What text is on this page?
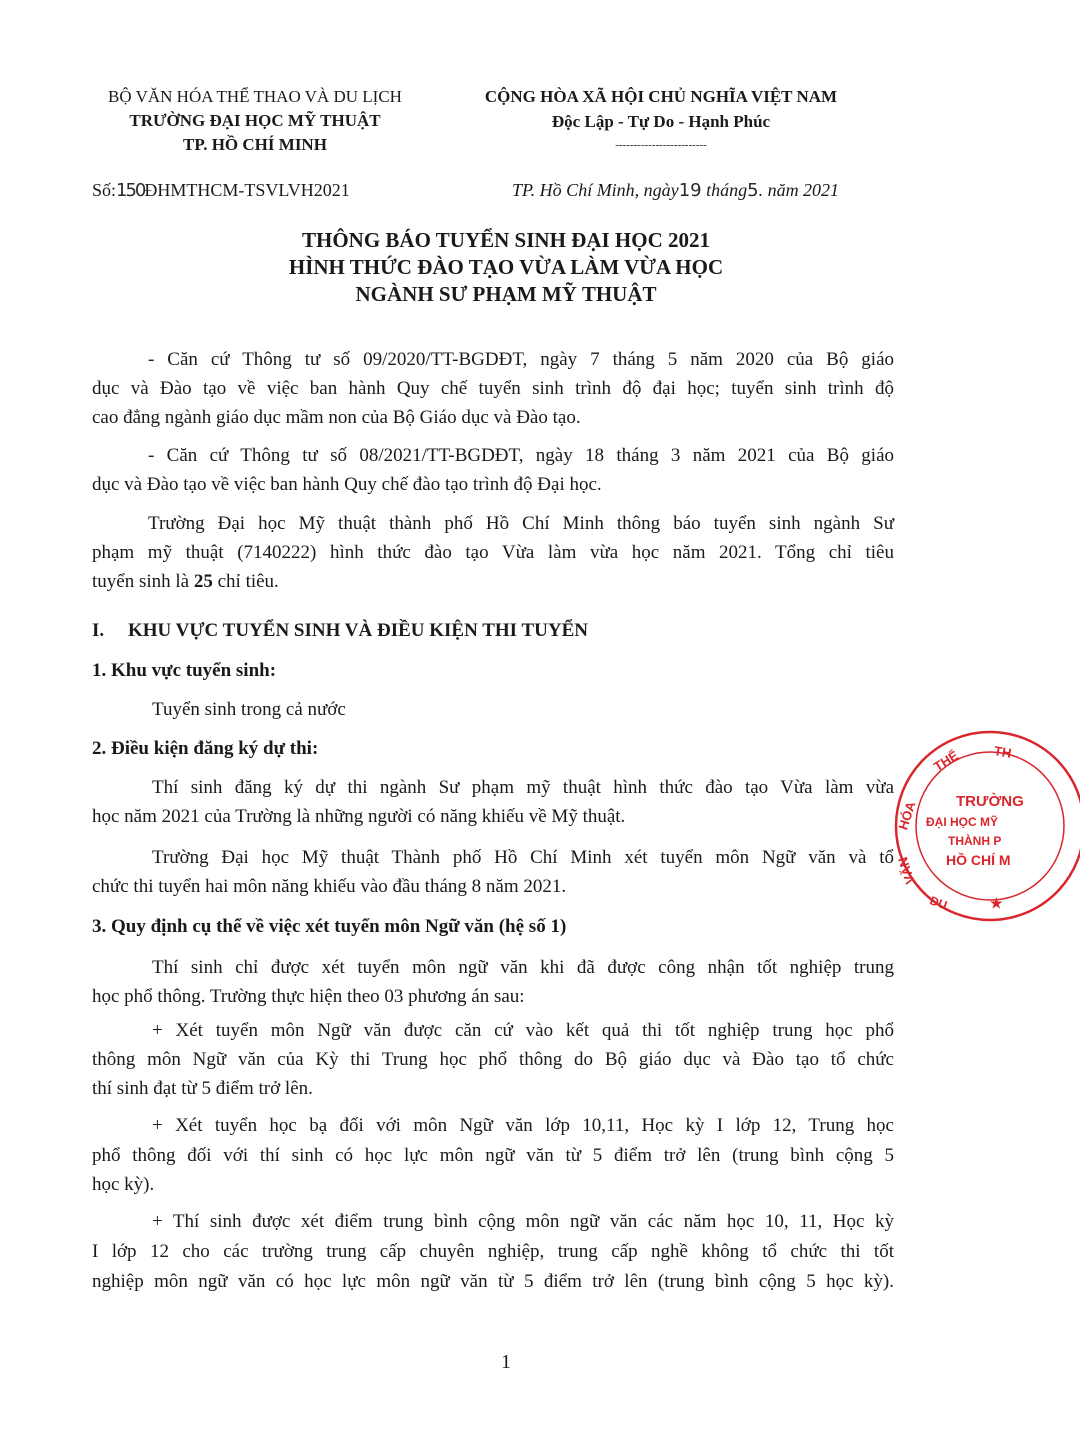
BỘ VĂN HÓA THỂ THAO VÀ DU LỊCH
TRƯỜNG ĐẠI HỌC MỸ THUẬT
TP. HỒ CHÍ MINH
CỘNG HÒA XÃ HỘI CHỦ NGHĨA VIỆT NAM
Độc Lập - Tự Do - Hạnh Phúc
-------------------------
Số:150ĐHMTHCM-TSVLVH2021	TP. Hồ Chí Minh, ngày19 tháng5. năm 2021
THÔNG BÁO TUYỂN SINH ĐẠI HỌC 2021
HÌNH THỨC ĐÀO TẠO VỪA LÀM VỪA HỌC
NGÀNH SƯ PHẠM MỸ THUẬT
- Căn cứ Thông tư số 09/2020/TT-BGDĐT, ngày 7 tháng 5 năm 2020 của Bộ giáo
dục và Đào tạo về việc ban hành Quy chế tuyển sinh trình độ đại học; tuyển sinh trình độ
cao đẳng ngành giáo dục mầm non của Bộ Giáo dục và Đào tạo.
- Căn cứ Thông tư số 08/2021/TT-BGDĐT, ngày 18 tháng 3 năm 2021 của Bộ giáo
dục và Đào tạo về việc ban hành Quy chế đào tạo trình độ Đại học.
Trường Đại học Mỹ thuật thành phố Hồ Chí Minh thông báo tuyển sinh ngành Sư
phạm mỹ thuật (7140222) hình thức đào tạo Vừa làm vừa học năm 2021. Tổng chỉ tiêu
tuyển sinh là 25 chỉ tiêu.
I. KHU VỰC TUYỂN SINH VÀ ĐIỀU KIỆN THI TUYỂN
1. Khu vực tuyển sinh:
Tuyển sinh trong cả nước
2. Điều kiện đăng ký dự thi:
Thí sinh đăng ký dự thi ngành Sư phạm mỹ thuật hình thức đào tạo Vừa làm vừa
học năm 2021 của Trường là những người có năng khiếu về Mỹ thuật.
Trường Đại học Mỹ thuật Thành phố Hồ Chí Minh xét tuyển môn Ngữ văn và tổ
chức thi tuyển hai môn năng khiếu vào đầu tháng 8 năm 2021.
3. Quy định cụ thể về việc xét tuyển môn Ngữ văn (hệ số 1)
Thí sinh chỉ được xét tuyển môn ngữ văn khi đã được công nhận tốt nghiệp trung
học phổ thông. Trường thực hiện theo 03 phương án sau:
+ Xét tuyển môn Ngữ văn được căn cứ vào kết quả thi tốt nghiệp trung học phổ
thông môn Ngữ văn của Kỳ thi Trung học phổ thông do Bộ giáo dục và Đào tạo tổ chức
thí sinh đạt từ 5 điểm trở lên.
+ Xét tuyển học bạ đối với môn Ngữ văn lớp 10,11, Học kỳ I lớp 12, Trung học
phổ thông đối với thí sinh có học lực môn ngữ văn từ 5 điểm trở lên (trung bình cộng 5
học kỳ).
+ Thí sinh được xét điểm trung bình cộng môn ngữ văn các năm học 10, 11, Học kỳ
I lớp 12 cho các trường trung cấp chuyên nghiệp, trung cấp nghề không tổ chức thi tốt
nghiệp môn ngữ văn có học lực môn ngữ văn từ 5 điểm trở lên (trung bình cộng 5 học kỳ).
1
THỂ TH
HÓA
VĂN
TRƯỜNG
ĐẠI HỌC MỸ
THÀNH P
HỒ CHÍ M
DU	★
